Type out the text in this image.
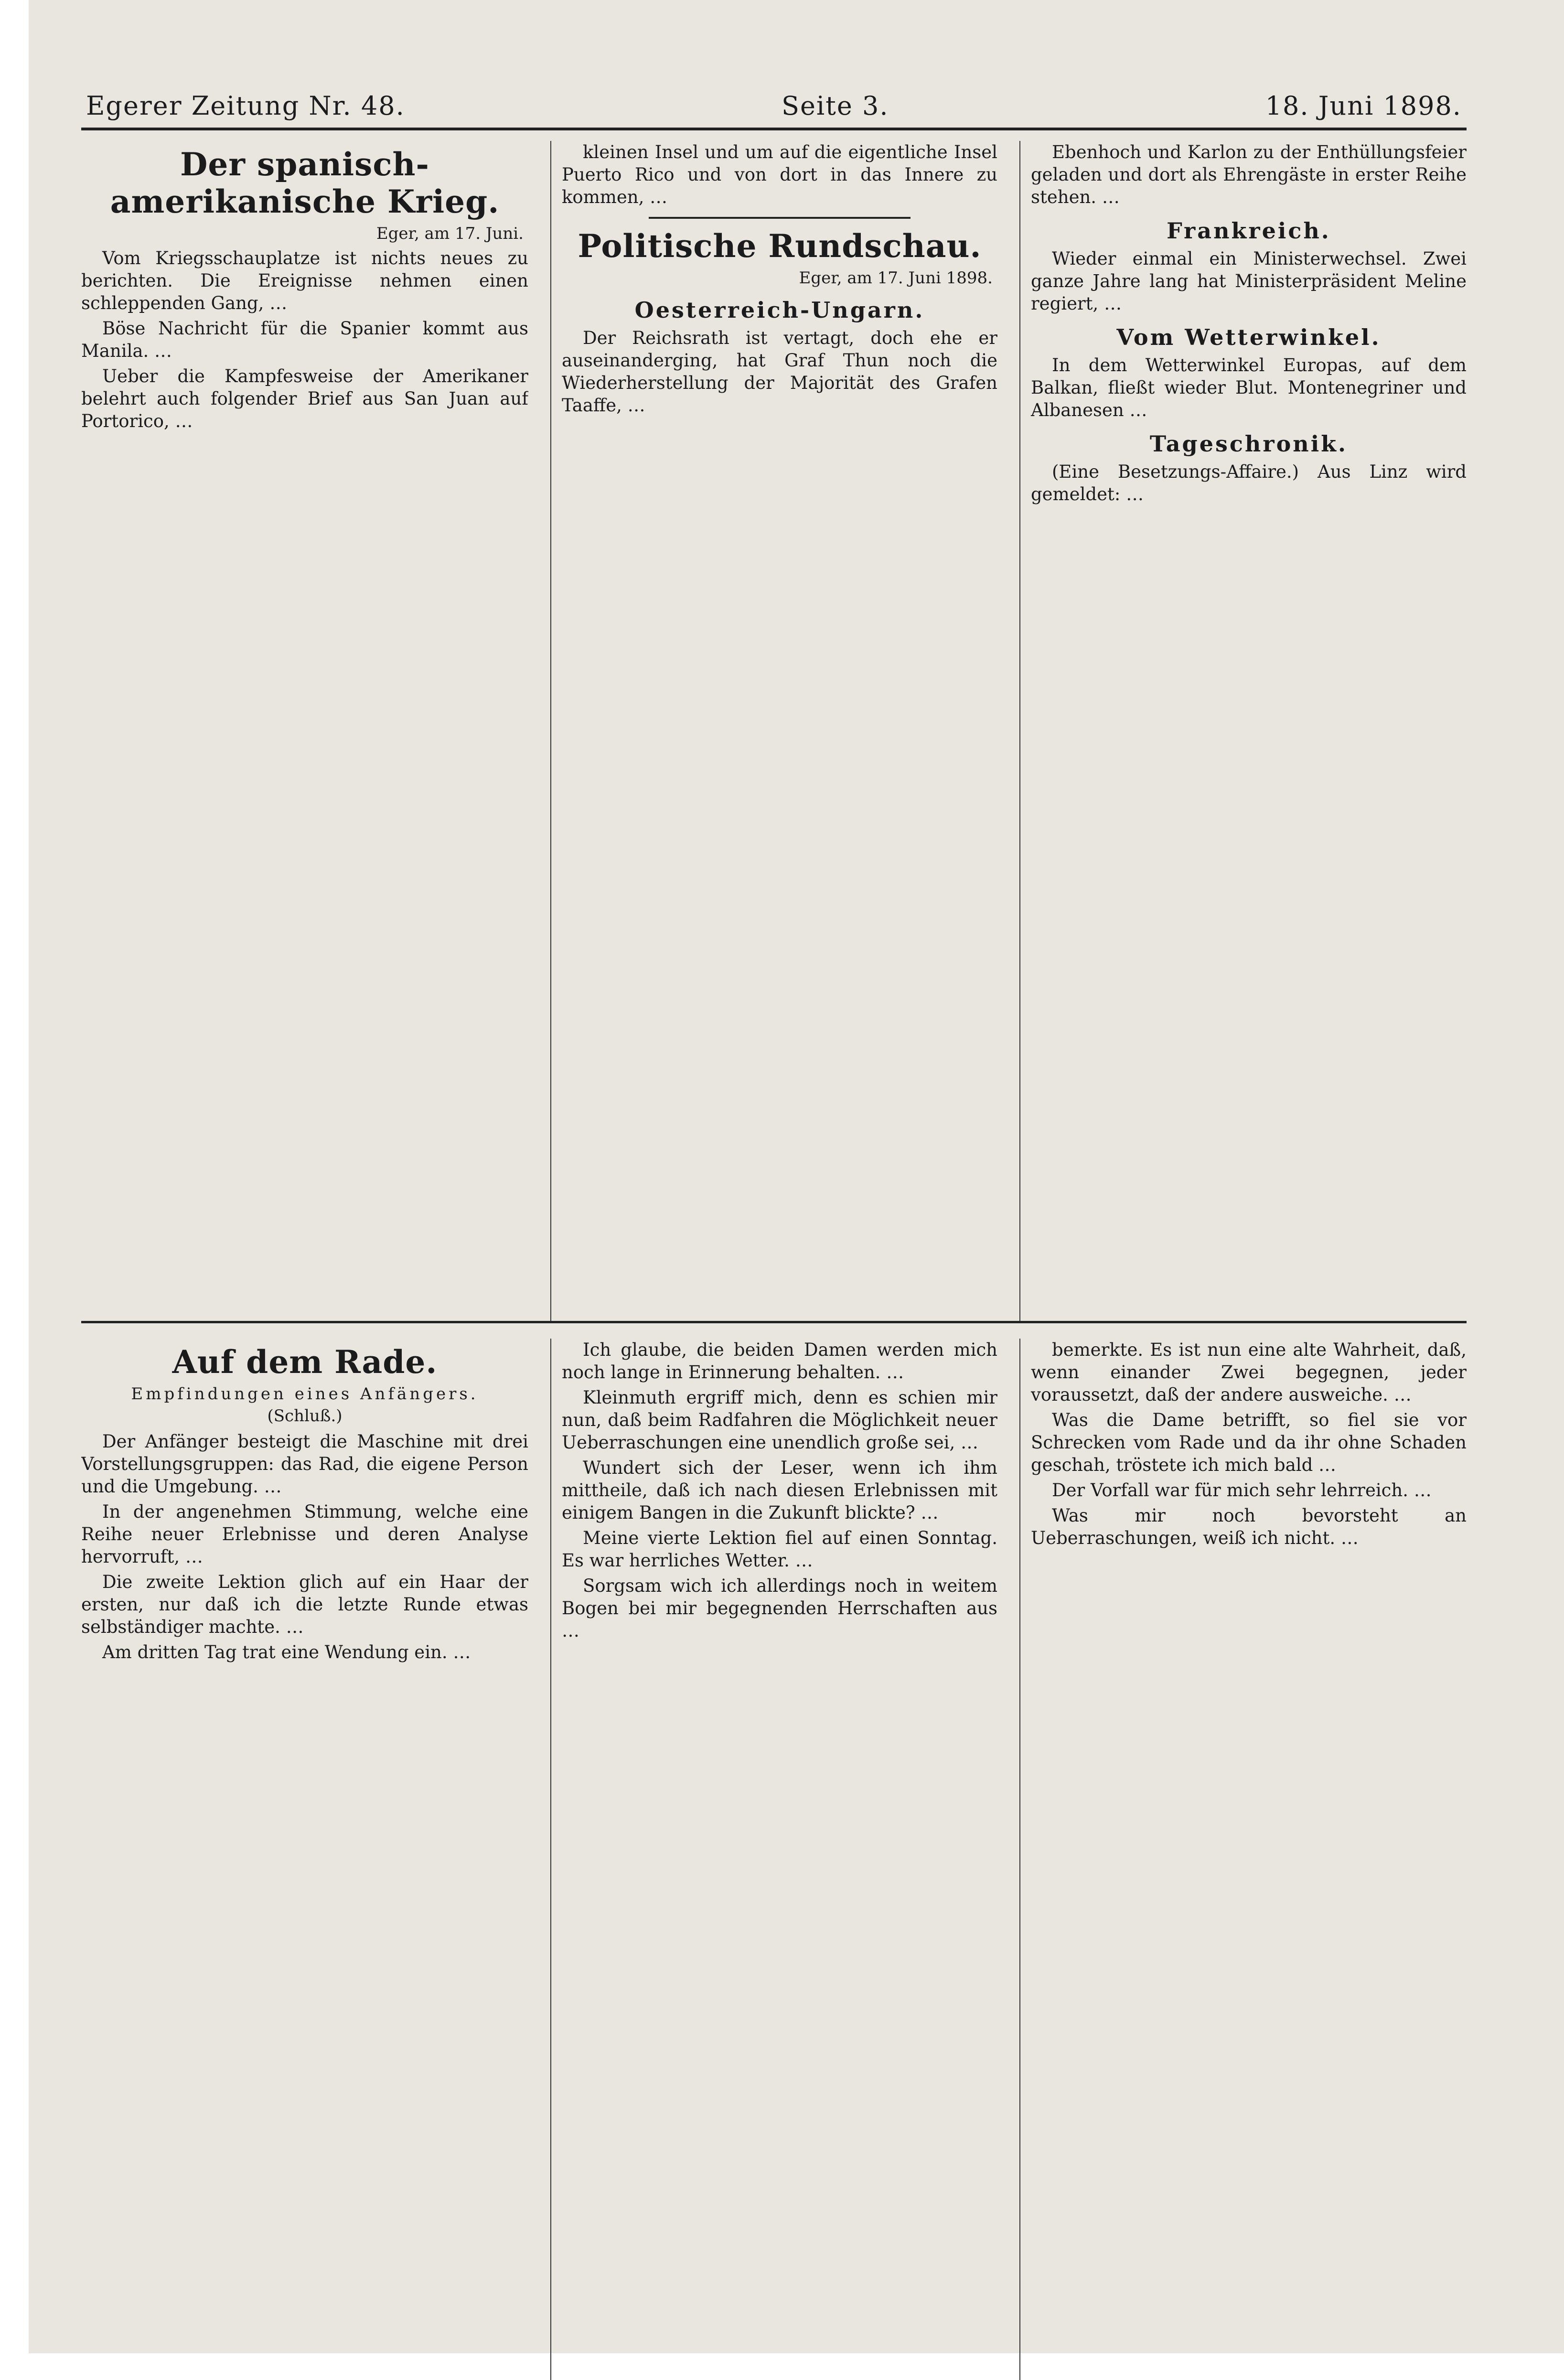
Egerer Zeitung Nr. 48.	Seite 3.	18. Juni 1898.
Der spanisch-amerikanische Krieg.
Eger, am 17. Juni.

Vom Kriegsschauplatze ist nichts neues zu berichten. Die Ereignisse nehmen einen schleppenden Gang, …

Böse Nachricht für die Spanier kommt aus Manila. …

Ueber die Kampfesweise der Amerikaner belehrt auch folgender Brief aus San Juan auf Portorico, …

kleinen Insel und um auf die eigentliche Insel Puerto Rico und von dort in das Innere zu kommen, …

Politische Rundschau.
Eger, am 17. Juni 1898.
Oesterreich-Ungarn.

Der Reichsrath ist vertagt, doch ehe er auseinanderging, hat Graf Thun noch die Wiederherstellung der Majorität des Grafen Taaffe, …

Ebenhoch und Karlon zu der Enthüllungsfeier geladen und dort als Ehrengäste in erster Reihe stehen. …

Frankreich.

Wieder einmal ein Ministerwechsel. Zwei ganze Jahre lang hat Ministerpräsident Meline regiert, …

Vom Wetterwinkel.

In dem Wetterwinkel Europas, auf dem Balkan, fließt wieder Blut. Montenegriner und Albanesen …

Tageschronik.

(Eine Besetzungs-Affaire.) Aus Linz wird gemeldet: …

Auf dem Rade.
Empfindungen eines Anfängers.
(Schluß.)

Der Anfänger besteigt die Maschine mit drei Vorstellungsgruppen: das Rad, die eigene Person und die Umgebung. …

In der angenehmen Stimmung, welche eine Reihe neuer Erlebnisse und deren Analyse hervorruft, …

Die zweite Lektion glich auf ein Haar der ersten, nur daß ich die letzte Runde etwas selbständiger machte. …

Am dritten Tag trat eine Wendung ein. …

Ich glaube, die beiden Damen werden mich noch lange in Erinnerung behalten. …

Kleinmuth ergriff mich, denn es schien mir nun, daß beim Radfahren die Möglichkeit neuer Ueberraschungen eine unendlich große sei, …

Wundert sich der Leser, wenn ich ihm mittheile, daß ich nach diesen Erlebnissen mit einigem Bangen in die Zukunft blickte? …

Meine vierte Lektion fiel auf einen Sonntag. Es war herrliches Wetter. …

Sorgsam wich ich allerdings noch in weitem Bogen bei mir begegnenden Herrschaften aus …

bemerkte. Es ist nun eine alte Wahrheit, daß, wenn einander Zwei begegnen, jeder voraussetzt, daß der andere ausweiche. …

Was die Dame betrifft, so fiel sie vor Schrecken vom Rade und da ihr ohne Schaden geschah, tröstete ich mich bald …

Der Vorfall war für mich sehr lehrreich. …

Was mir noch bevorsteht an Ueberraschungen, weiß ich nicht. …
